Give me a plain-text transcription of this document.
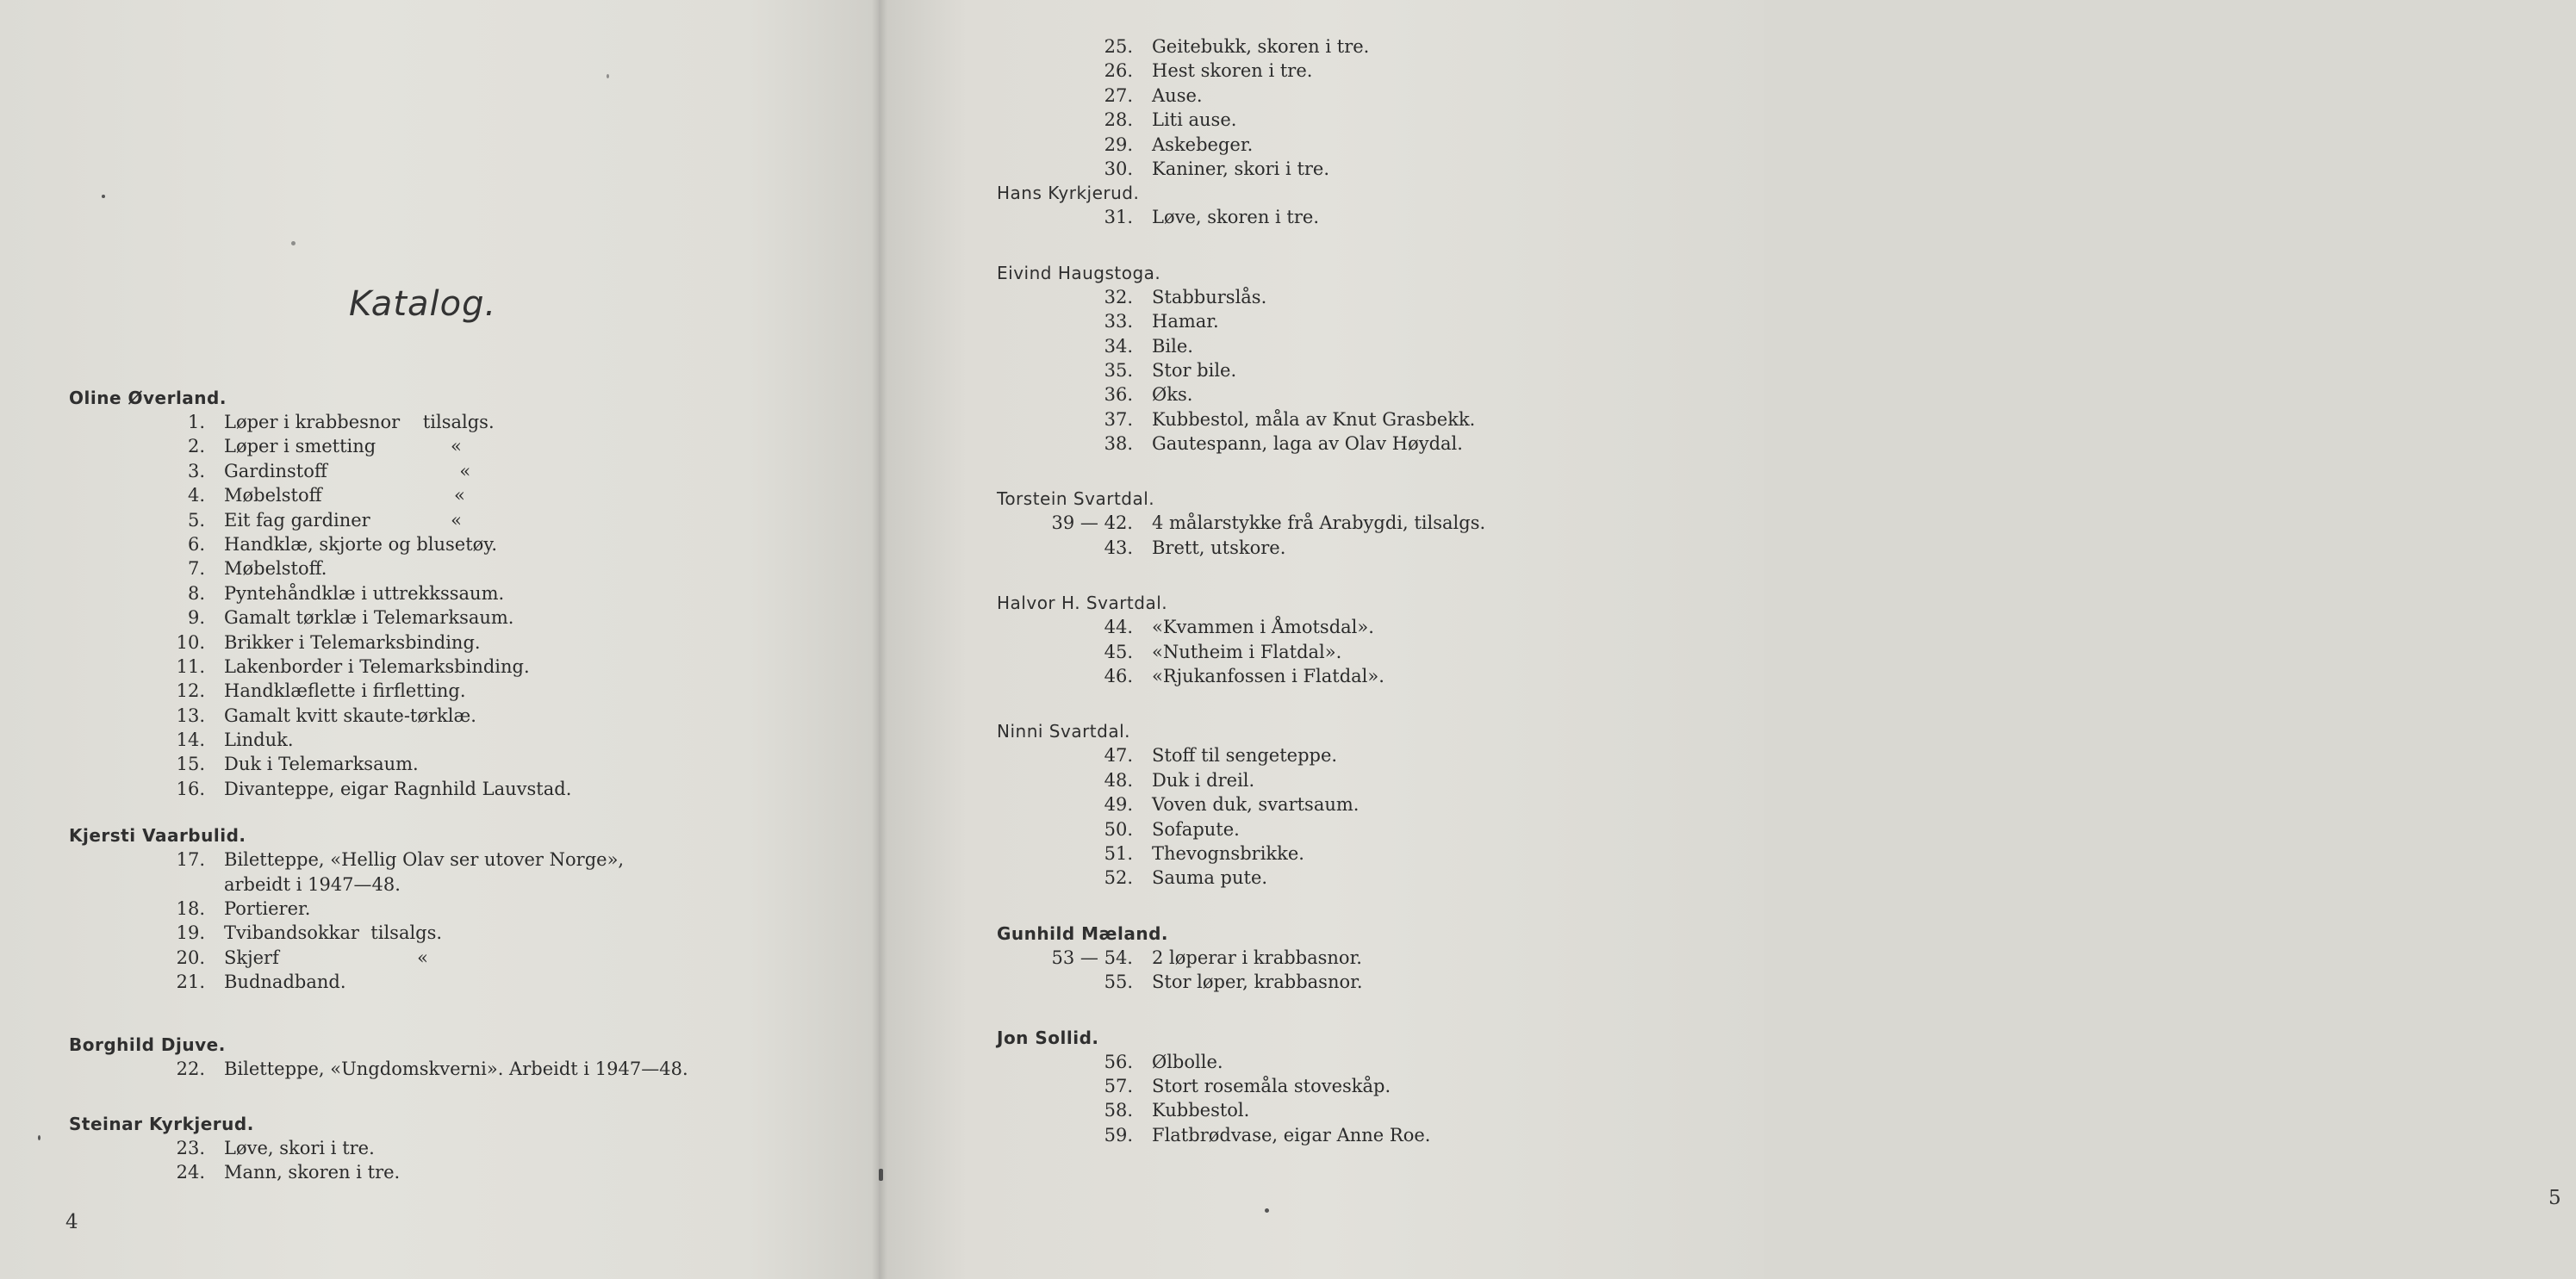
Katalog.
Oline Øverland.
1.	Løper i krabbesnor    tilsalgs.
2.	Løper i smetting             «
3.	Gardinstoff                       «
4.	Møbelstoff                       «
5.	Eit fag gardiner              «
6.	Handklæ, skjorte og blusetøy.
7.	Møbelstoff.
8.	Pyntehåndklæ i uttrekkssaum.
9.	Gamalt tørklæ i Telemarksaum.
10.	Brikker i Telemarksbinding.
11.	Lakenborder i Telemarksbinding.
12.	Handklæflette i firfletting.
13.	Gamalt kvitt skaute-tørklæ.
14.	Linduk.
15.	Duk i Telemarksaum.
16.	Divanteppe, eigar Ragnhild Lauvstad.
Kjersti Vaarbulid.
17.	Biletteppe, «Hellig Olav ser utover Norge»,
arbeidt i 1947—48.
18.	Portierer.
19.	Tvibandsokkar  tilsalgs.
20.	Skjerf                        «
21.	Budnadband.
Borghild Djuve.
22.	Biletteppe, «Ungdomskverni». Arbeidt i 1947—48.
Steinar Kyrkjerud.
23.	Løve, skori i tre.
24.	Mann, skoren i tre.
4
5
25.	Geitebukk, skoren i tre.
26.	Hest skoren i tre.
27.	Ause.
28.	Liti ause.
29.	Askebeger.
30.	Kaniner, skori i tre.
Hans Kyrkjerud.
31.	Løve, skoren i tre.
Eivind Haugstoga.
32.	Stabburslås.
33.	Hamar.
34.	Bile.
35.	Stor bile.
36.	Øks.
37.	Kubbestol, måla av Knut Grasbekk.
38.	Gautespann, laga av Olav Høydal.
Torstein Svartdal.
39 — 42.	4 målarstykke frå Arabygdi, tilsalgs.
43.	Brett, utskore.
Halvor H. Svartdal.
44.	«Kvammen i Åmotsdal».
45.	«Nutheim i Flatdal».
46.	«Rjukanfossen i Flatdal».
Ninni Svartdal.
47.	Stoff til sengeteppe.
48.	Duk i dreil.
49.	Voven duk, svartsaum.
50.	Sofapute.
51.	Thevognsbrikke.
52.	Sauma pute.
Gunhild Mæland.
53 — 54.	2 løperar i krabbasnor.
55.	Stor løper, krabbasnor.
Jon Sollid.
56.	Ølbolle.
57.	Stort rosemåla stoveskåp.
58.	Kubbestol.
59.	Flatbrødvase, eigar Anne Roe.
